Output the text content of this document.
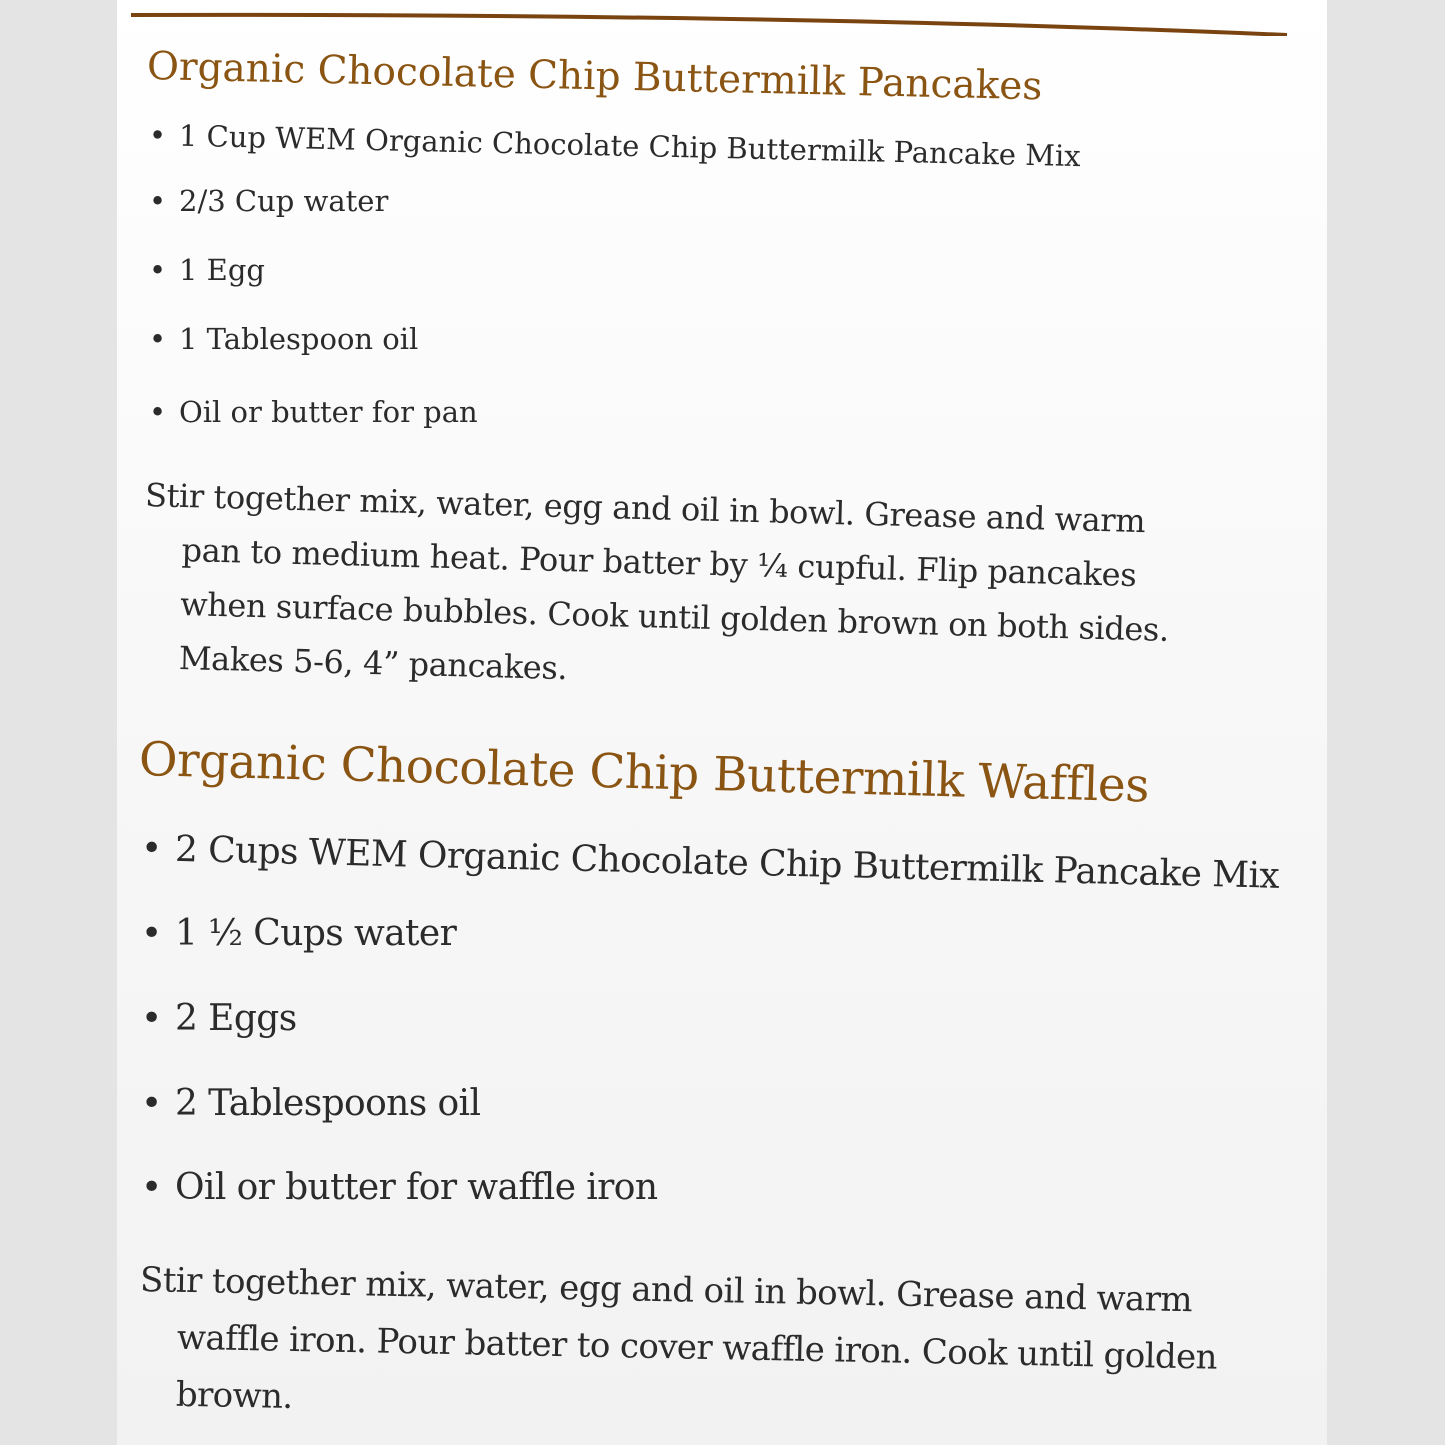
Organic Chocolate Chip Buttermilk Pancakes
• 1 Cup WEM Organic Chocolate Chip Buttermilk Pancake Mix
• 2/3 Cup water
• 1 Egg
• 1 Tablespoon oil
• Oil or butter for pan

Stir together mix, water, egg and oil in bowl. Grease and warm
pan to medium heat. Pour batter by ¼ cupful. Flip pancakes
when surface bubbles. Cook until golden brown on both sides.
Makes 5-6, 4” pancakes.

Organic Chocolate Chip Buttermilk Waffles
• 2 Cups WEM Organic Chocolate Chip Buttermilk Pancake Mix
• 1 ½ Cups water
• 2 Eggs
• 2 Tablespoons oil
• Oil or butter for waffle iron

Stir together mix, water, egg and oil in bowl. Grease and warm
waffle iron. Pour batter to cover waffle iron. Cook until golden
brown.
